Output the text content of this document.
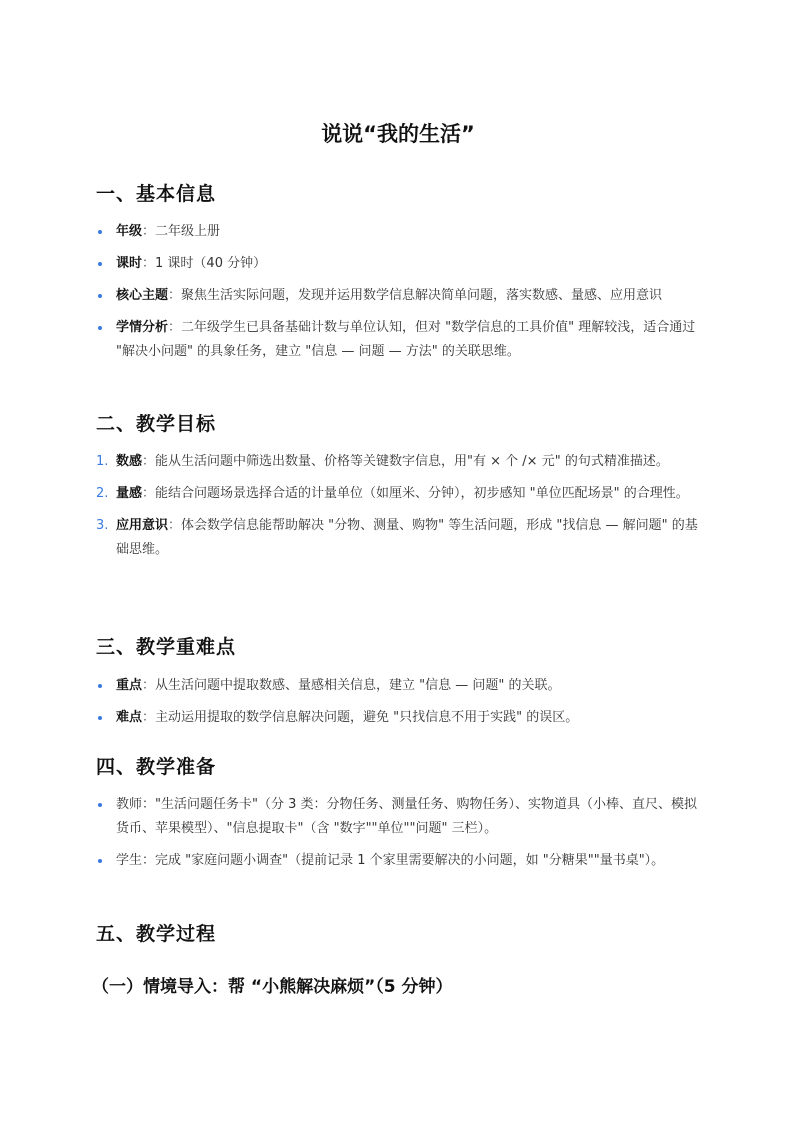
说说“我的生活”
一、基本信息
年级：二年级上册
课时：1 课时（40 分钟）
核心主题：聚焦生活实际问题，发现并运用数学信息解决简单问题，落实数感、量感、应用意识
学情分析：二年级学生已具备基础计数与单位认知，但对 "数学信息的工具价值" 理解较浅，适合通过 "解决小问题" 的具象任务，建立 "信息 — 问题 — 方法" 的关联思维。
二、教学目标
1. 数感：能从生活问题中筛选出数量、价格等关键数字信息，用"有 × 个 /× 元" 的句式精准描述。
2. 量感：能结合问题场景选择合适的计量单位（如厘米、分钟），初步感知 "单位匹配场景" 的合理性。
3. 应用意识：体会数学信息能帮助解决 "分物、测量、购物" 等生活问题，形成 "找信息 — 解问题" 的基础思维。
三、教学重难点
重点：从生活问题中提取数感、量感相关信息，建立 "信息 — 问题" 的关联。
难点：主动运用提取的数学信息解决问题，避免 "只找信息不用于实践" 的误区。
四、教学准备
教师："生活问题任务卡"（分 3 类：分物任务、测量任务、购物任务）、实物道具（小棒、直尺、模拟货币、苹果模型）、"信息提取卡"（含 "数字""单位""问题" 三栏）。
学生：完成 "家庭问题小调查"（提前记录 1 个家里需要解决的小问题，如 "分糖果""量书桌"）。
五、教学过程
（一）情境导入：帮 “小熊解决麻烦”（5 分钟）
